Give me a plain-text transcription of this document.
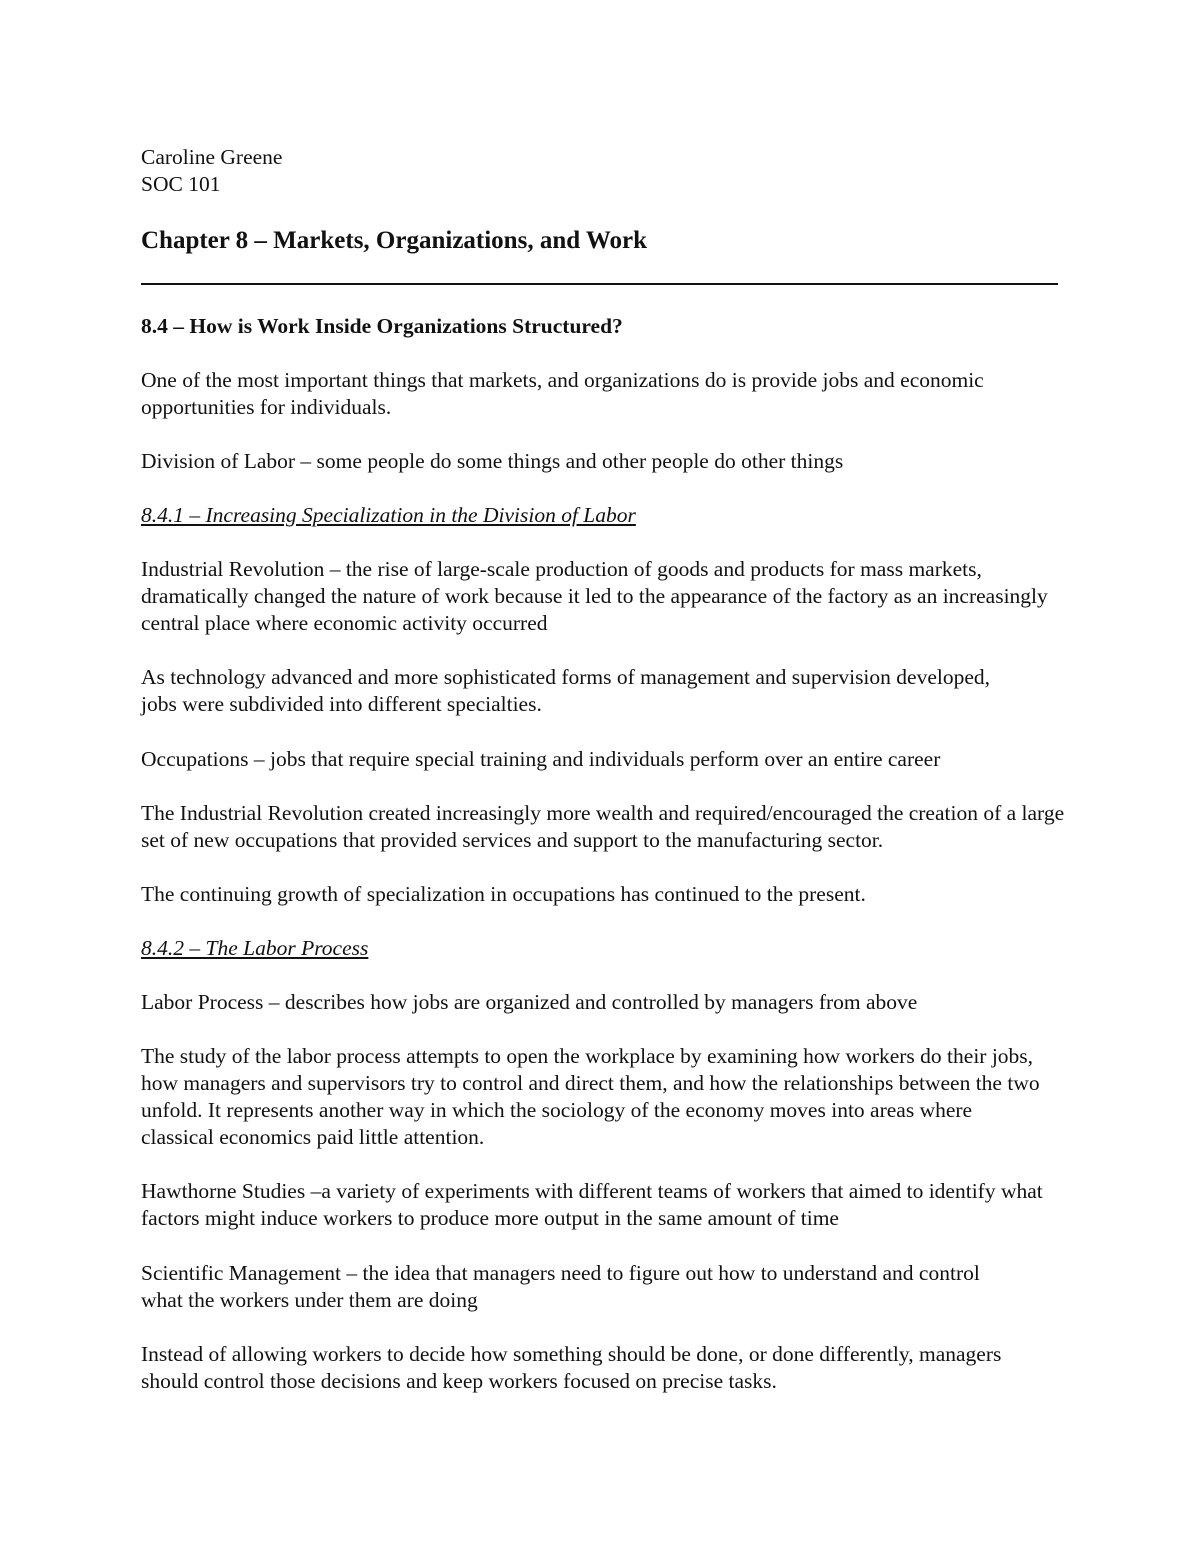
Caroline Greene

SOC 101

Chapter 8 – Markets, Organizations, and Work

8.4 – How is Work Inside Organizations Structured?

One of the most important things that markets, and organizations do is provide jobs and economic opportunities for individuals.

Division of Labor – some people do some things and other people do other things

8.4.1 – Increasing Specialization in the Division of Labor

Industrial Revolution – the rise of large-scale production of goods and products for mass markets, dramatically changed the nature of work because it led to the appearance of the factory as an increasingly central place where economic activity occurred

As technology advanced and more sophisticated forms of management and supervision developed, jobs were subdivided into different specialties.

Occupations – jobs that require special training and individuals perform over an entire career

The Industrial Revolution created increasingly more wealth and required/encouraged the creation of a large set of new occupations that provided services and support to the manufacturing sector.

The continuing growth of specialization in occupations has continued to the present.

8.4.2 – The Labor Process

Labor Process – describes how jobs are organized and controlled by managers from above

The study of the labor process attempts to open the workplace by examining how workers do their jobs, how managers and supervisors try to control and direct them, and how the relationships between the two unfold. It represents another way in which the sociology of the economy moves into areas where classical economics paid little attention.

Hawthorne Studies –a variety of experiments with different teams of workers that aimed to identify what factors might induce workers to produce more output in the same amount of time

Scientific Management – the idea that managers need to figure out how to understand and control what the workers under them are doing

Instead of allowing workers to decide how something should be done, or done differently, managers should control those decisions and keep workers focused on precise tasks.
